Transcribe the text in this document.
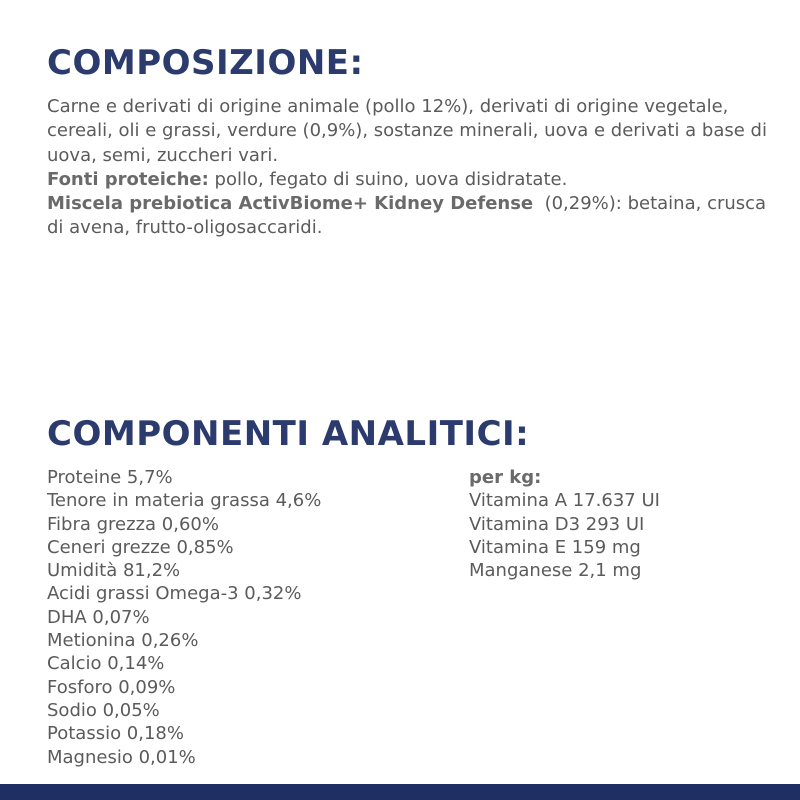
COMPOSIZIONE:

Carne e derivati di origine animale (pollo 12%), derivati di origine vegetale, cereali, oli e grassi, verdure (0,9%), sostanze minerali, uova e derivati a base di uova, semi, zuccheri vari.

Fonti proteiche: pollo, fegato di suino, uova disidratate.

Miscela prebiotica ActivBiome+ Kidney Defense  (0,29%): betaina, crusca di avena, frutto-oligosaccaridi.

COMPONENTI ANALITICI:
Proteine 5,7%
Tenore in materia grassa 4,6%
Fibra grezza 0,60%
Ceneri grezze 0,85%
Umidità 81,2%
Acidi grassi Omega-3 0,32%
DHA 0,07%
Metionina 0,26%
Calcio 0,14%
Fosforo 0,09%
Sodio 0,05%
Potassio 0,18%
Magnesio 0,01%
per kg:
Vitamina A 17.637 UI
Vitamina D3 293 UI
Vitamina E 159 mg
Manganese 2,1 mg
